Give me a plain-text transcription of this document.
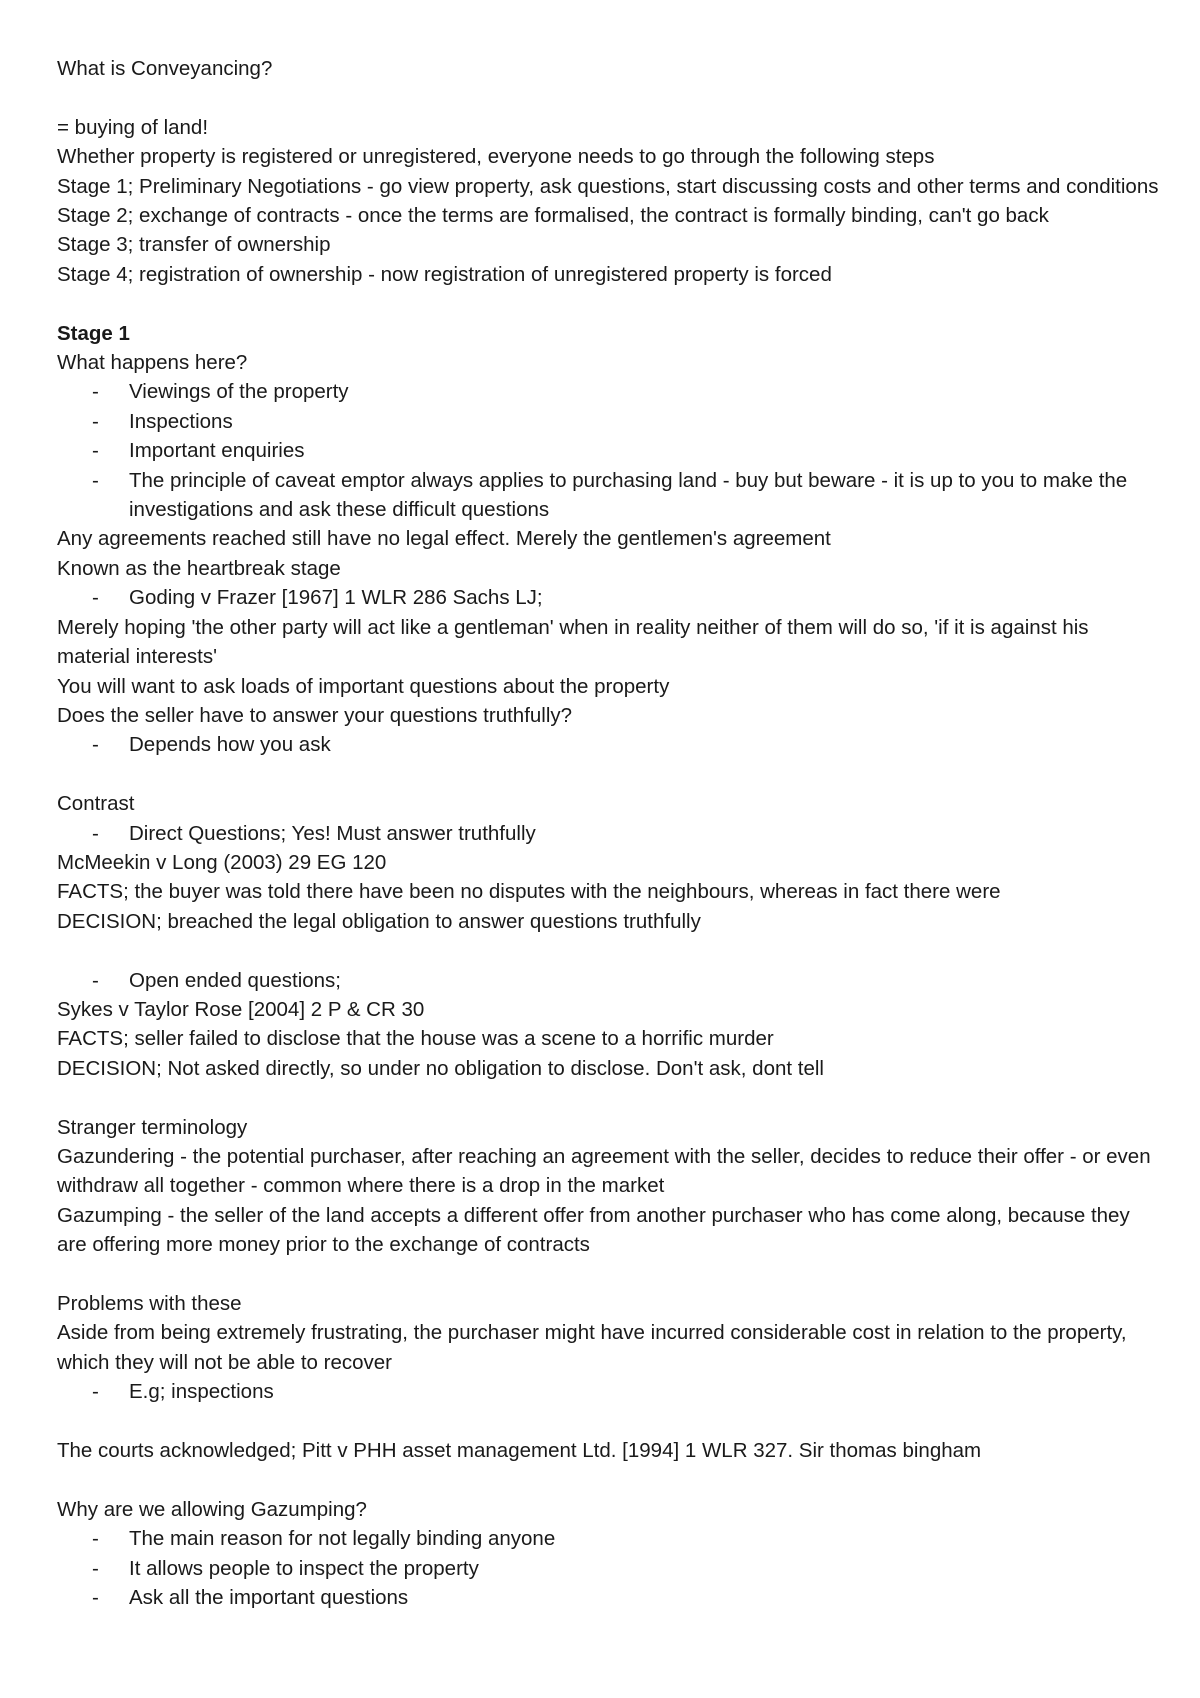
What is Conveyancing?
= buying of land!
Whether property is registered or unregistered, everyone needs to go through the following steps
Stage 1; Preliminary Negotiations - go view property, ask questions, start discussing costs and other terms and conditions
Stage 2; exchange of contracts - once the terms are formalised, the contract is formally binding, can't go back
Stage 3; transfer of ownership
Stage 4; registration of ownership - now registration of unregistered property is forced
Stage 1
What happens here?
- Viewings of the property
- Inspections
- Important enquiries
- The principle of caveat emptor always applies to purchasing land - buy but beware - it is up to you to make the investigations and ask these difficult questions
Any agreements reached still have no legal effect. Merely the gentlemen's agreement
Known as the heartbreak stage
- Goding v Frazer [1967] 1 WLR 286 Sachs LJ;
Merely hoping 'the other party will act like a gentleman' when in reality neither of them will do so, 'if it is against his material interests'
You will want to ask loads of important questions about the property
Does the seller have to answer your questions truthfully?
- Depends how you ask
Contrast
- Direct Questions; Yes! Must answer truthfully
McMeekin v Long (2003) 29 EG 120
FACTS; the buyer was told there have been no disputes with the neighbours, whereas in fact there were
DECISION; breached the legal obligation to answer questions truthfully
- Open ended questions;
Sykes v Taylor Rose [2004] 2 P & CR 30
FACTS; seller failed to disclose that the house was a scene to a horrific murder
DECISION; Not asked directly, so under no obligation to disclose. Don't ask, dont tell
Stranger terminology
Gazundering - the potential purchaser, after reaching an agreement with the seller, decides to reduce their offer - or even withdraw all together - common where there is a drop in the market
Gazumping - the seller of the land accepts a different offer from another purchaser who has come along, because they are offering more money prior to the exchange of contracts
Problems with these
Aside from being extremely frustrating, the purchaser might have incurred considerable cost in relation to the property, which they will not be able to recover
- E.g; inspections
The courts acknowledged; Pitt v PHH asset management Ltd. [1994] 1 WLR 327. Sir thomas bingham
Why are we allowing Gazumping?
- The main reason for not legally binding anyone
- It allows people to inspect the property
- Ask all the important questions
